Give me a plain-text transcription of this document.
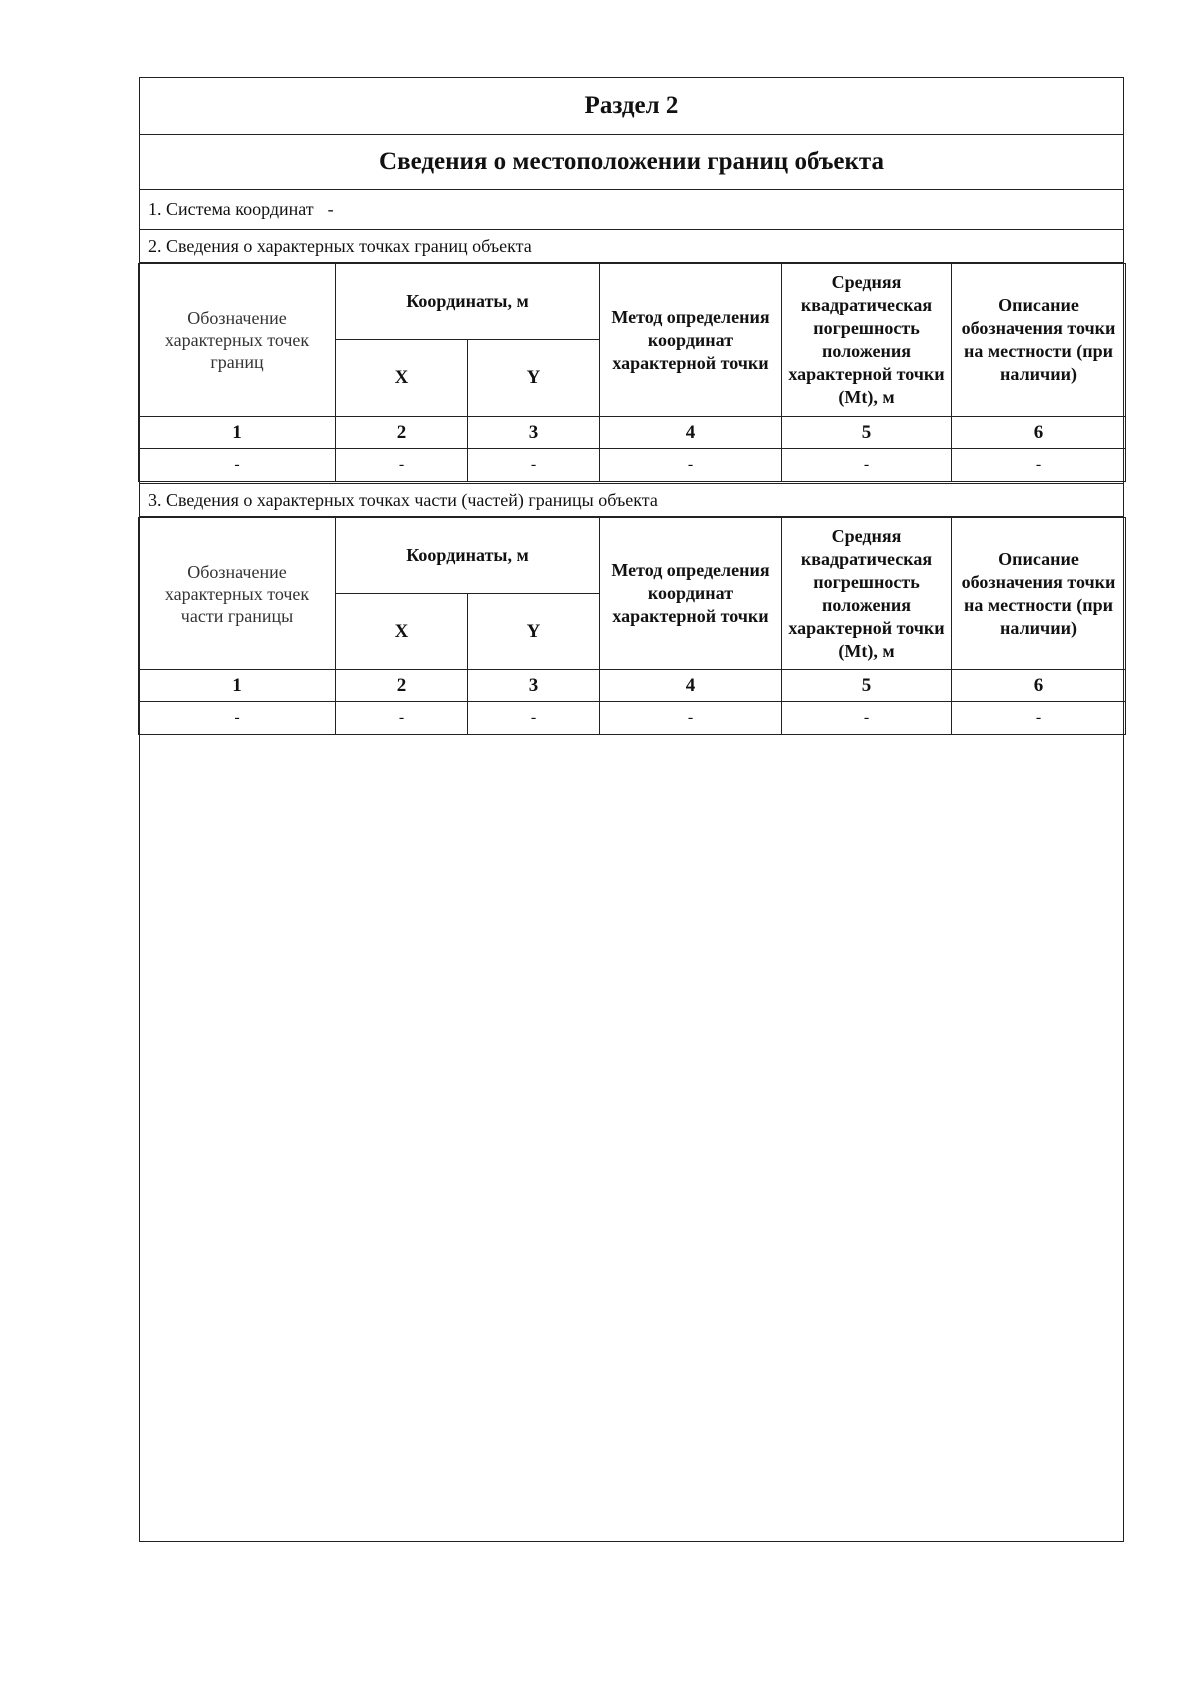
Раздел 2
Сведения о местоположении границ объекта
1. Система координат -
2. Сведения о характерных точках границ объекта
Обозначение характерных точек границ	Координаты, м		Метод определения координат характерной точки	Средняя квадратическая погрешность положения характерной точки (Mt), м	Описание обозначения точки на местности (при наличии)
	X	Y			
1	2	3	4	5	6
-	-	-	-	-	-
3. Сведения о характерных точках части (частей) границы объекта
Обозначение характерных точек части границы	Координаты, м		Метод определения координат характерной точки	Средняя квадратическая погрешность положения характерной точки (Mt), м	Описание обозначения точки на местности (при наличии)
	X	Y			
1	2	3	4	5	6
-	-	-	-	-	-
